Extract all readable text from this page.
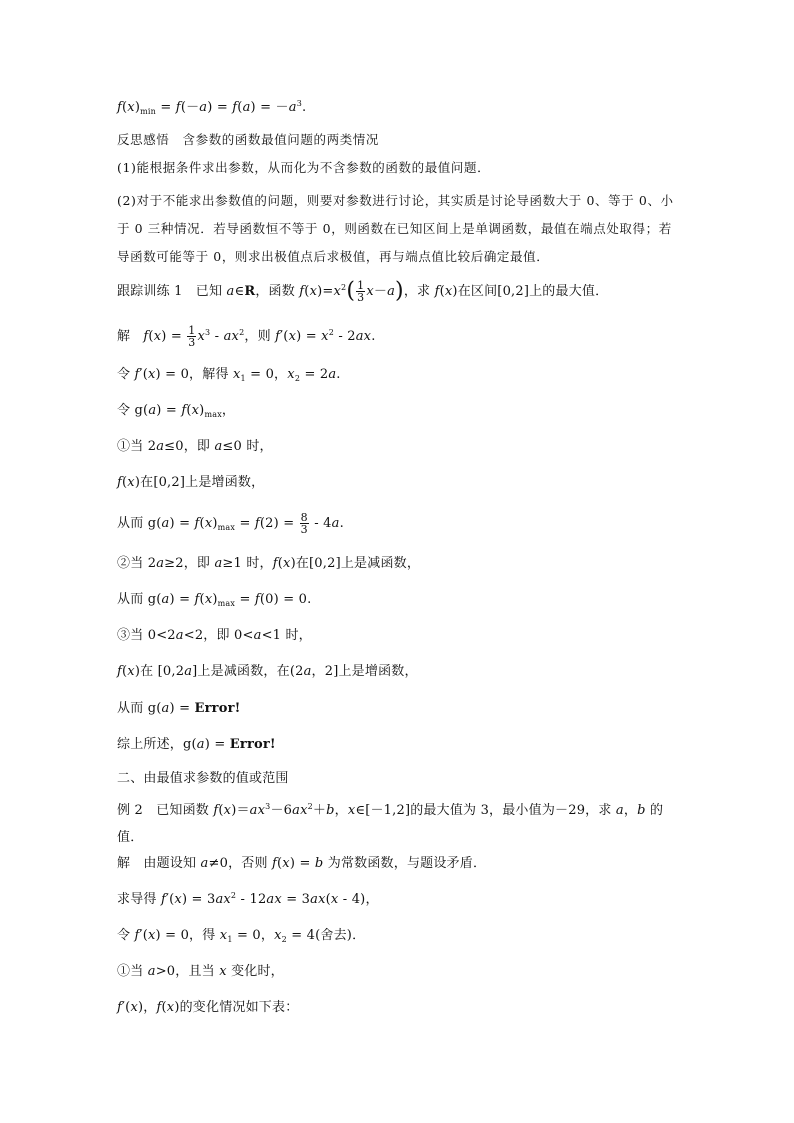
$f(x)_{min} = f(-a) = f(a) = -a^3$.
反思感悟　含参数的函数最值问题的两类情况
(1)能根据条件求出参数，从而化为不含参数的函数的最值问题．
(2)对于不能求出参数值的问题，则要对参数进行讨论，其实质是讨论导函数大于 0、等于 0、小于 0 三种情况．若导函数恒不等于 0，则函数在已知区间上是单调函数，最值在端点处取得；若导函数可能等于 0，则求出极值点后求极值，再与端点值比较后确定最值．
跟踪训练 1　已知 a∈R，函数 $f(x)=x^2( \frac{1}{3} x-a)$，求 f(x)在区间[0,2]上的最大值．
解　$f(x) = \frac{1}{3} x^3 - ax^2$，则 $f'(x) = x^2 - 2ax$.
令 f′(x) = 0，解得 $x_1 = 0$，$x_2 = 2a$.
令 $g(a) = f(x)_{max}$，
①当 2a≤0，即 a≤0 时，
f(x)在[0,2]上是增函数，
从而 $g(a) = f(x)_{max} = f(2) = \frac{8}{3} - 4a$.
②当 2a≥2，即 a≥1 时，f(x)在[0,2]上是减函数，
从而 $g(a) = f(x)_{max} = f(0) = 0$.
③当 0<2a<2，即 0<a<1 时，
f(x)在 [0,2a]上是减函数，在(2a，2]上是增函数，
从而 g(a) = Error!
综上所述，g(a) = Error!
二、由最值求参数的值或范围
例 2　已知函数 $f(x)=ax^3-6ax^2+b$，x∈[－1,2]的最大值为 3，最小值为－29，求 a，b 的值．
解　由题设知 a≠0，否则 f(x) = b 为常数函数，与题设矛盾．
求导得 $f'(x) = 3ax^2 - 12ax = 3ax(x - 4)$，
令 f′(x) = 0，得 $x_1 = 0$，$x_2 = 4$(舍去)．
①当 a>0，且当 x 变化时，
f′(x)，f(x)的变化情况如下表：
